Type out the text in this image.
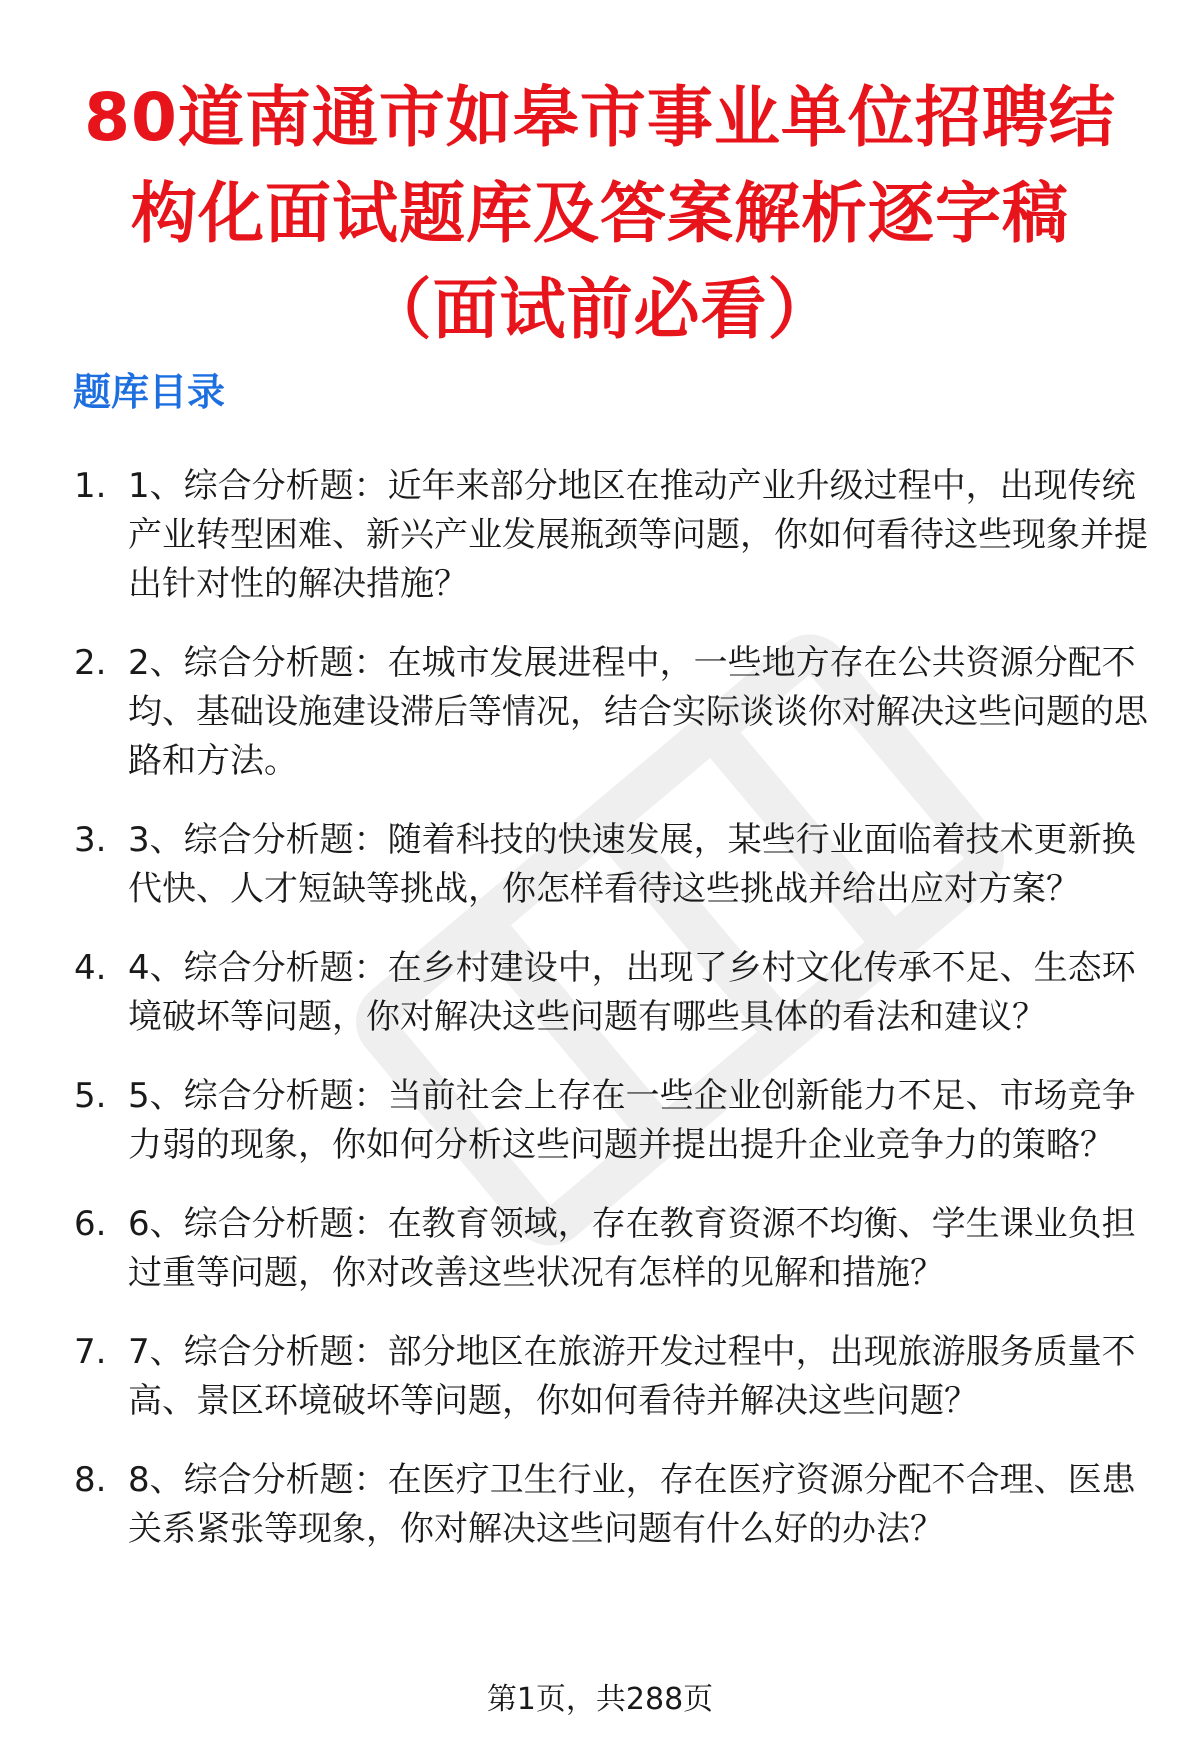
80道南通市如皋市事业单位招聘结
构化面试题库及答案解析逐字稿
（面试前必看）
题库目录
1. 1、综合分析题：近年来部分地区在推动产业升级过程中，出现传统产业转型困难、新兴产业发展瓶颈等问题，你如何看待这些现象并提出针对性的解决措施？
2. 2、综合分析题：在城市发展进程中，一些地方存在公共资源分配不均、基础设施建设滞后等情况，结合实际谈谈你对解决这些问题的思路和方法。
3. 3、综合分析题：随着科技的快速发展，某些行业面临着技术更新换代快、人才短缺等挑战，你怎样看待这些挑战并给出应对方案？
4. 4、综合分析题：在乡村建设中，出现了乡村文化传承不足、生态环境破坏等问题，你对解决这些问题有哪些具体的看法和建议？
5. 5、综合分析题：当前社会上存在一些企业创新能力不足、市场竞争力弱的现象，你如何分析这些问题并提出提升企业竞争力的策略？
6. 6、综合分析题：在教育领域，存在教育资源不均衡、学生课业负担过重等问题，你对改善这些状况有怎样的见解和措施？
7. 7、综合分析题：部分地区在旅游开发过程中，出现旅游服务质量不高、景区环境破坏等问题，你如何看待并解决这些问题？
8. 8、综合分析题：在医疗卫生行业，存在医疗资源分配不合理、医患关系紧张等现象，你对解决这些问题有什么好的办法？
第1页，共288页
